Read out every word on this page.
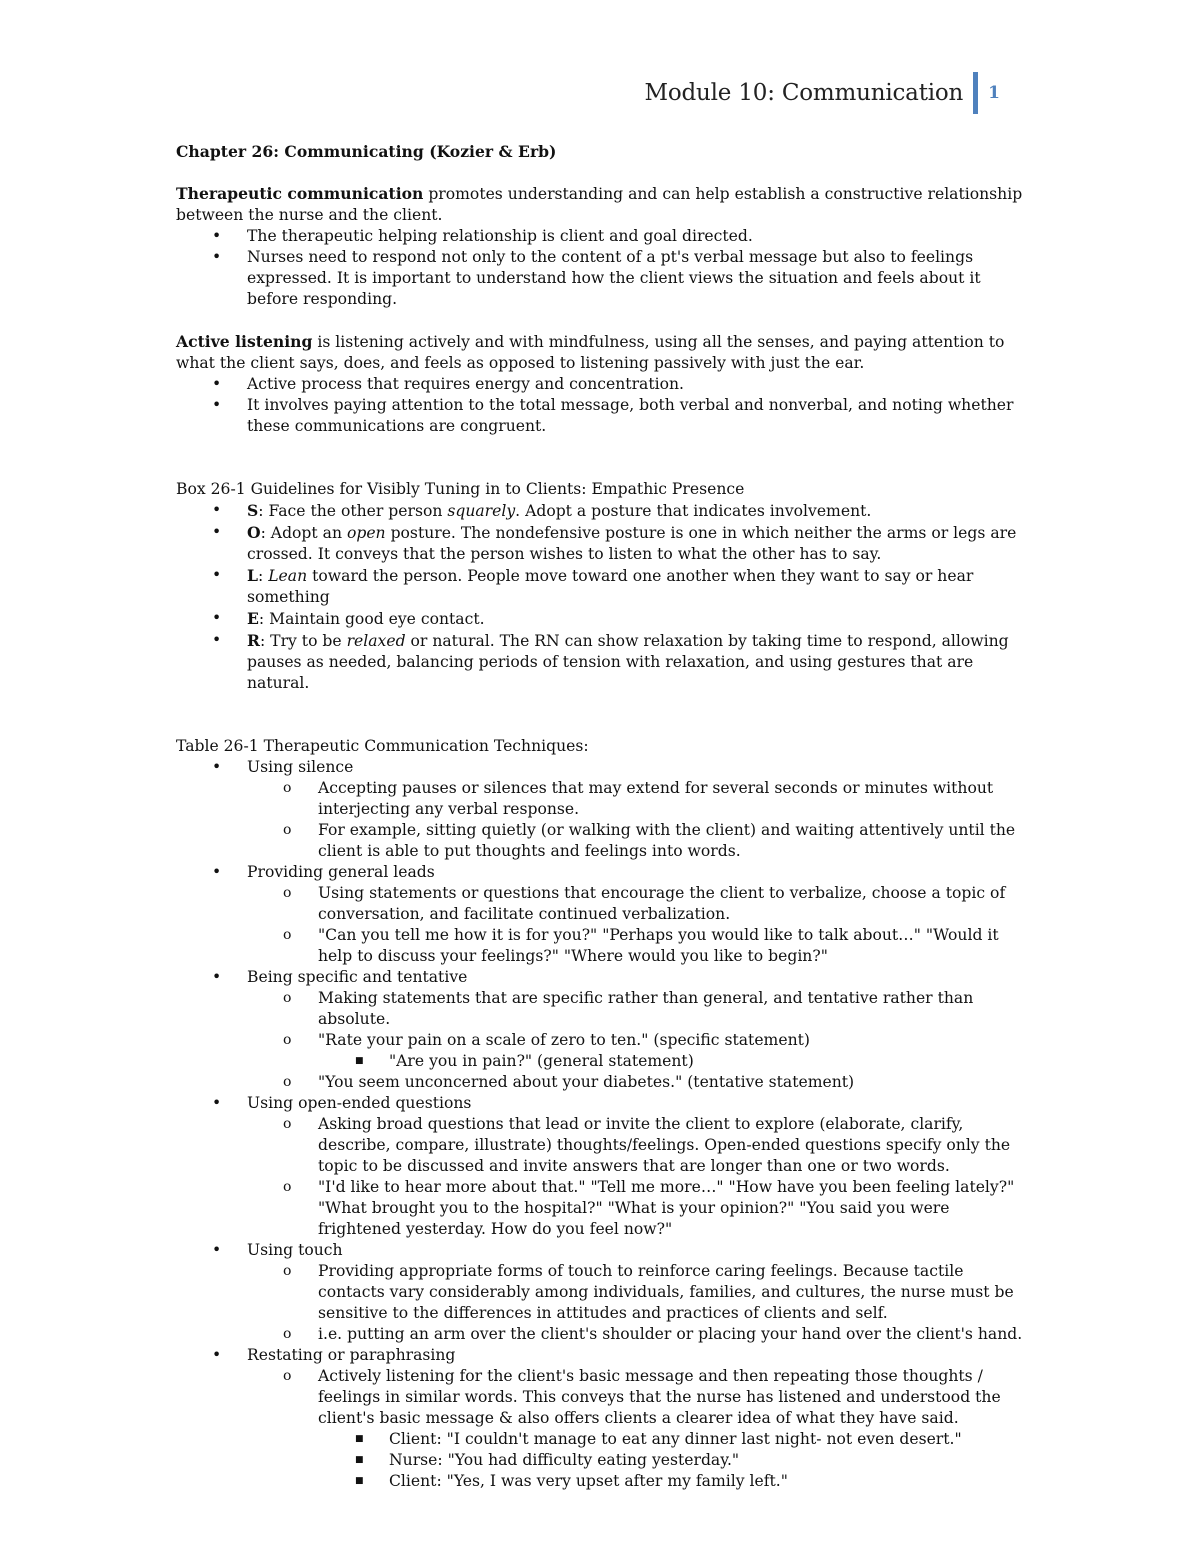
Module 10: Communication 1

Chapter 26: Communicating (Kozier & Erb)

Therapeutic communication promotes understanding and can help establish a constructive relationship between the nurse and the client.

• The therapeutic helping relationship is client and goal directed.
• Nurses need to respond not only to the content of a pt's verbal message but also to feelings expressed. It is important to understand how the client views the situation and feels about it before responding.

Active listening is listening actively and with mindfulness, using all the senses, and paying attention to what the client says, does, and feels as opposed to listening passively with just the ear.

• Active process that requires energy and concentration.
• It involves paying attention to the total message, both verbal and nonverbal, and noting whether these communications are congruent.

Box 26-1 Guidelines for Visibly Tuning in to Clients: Empathic Presence

• S: Face the other person squarely. Adopt a posture that indicates involvement.
• O: Adopt an open posture. The nondefensive posture is one in which neither the arms or legs are crossed. It conveys that the person wishes to listen to what the other has to say.
• L: Lean toward the person. People move toward one another when they want to say or hear something
• E: Maintain good eye contact.
• R: Try to be relaxed or natural. The RN can show relaxation by taking time to respond, allowing pauses as needed, balancing periods of tension with relaxation, and using gestures that are natural.

Table 26-1 Therapeutic Communication Techniques:

• Using silence
o Accepting pauses or silences that may extend for several seconds or minutes without interjecting any verbal response.
o For example, sitting quietly (or walking with the client) and waiting attentively until the client is able to put thoughts and feelings into words.
• Providing general leads
o Using statements or questions that encourage the client to verbalize, choose a topic of conversation, and facilitate continued verbalization.
o "Can you tell me how it is for you?" "Perhaps you would like to talk about…" "Would it help to discuss your feelings?" "Where would you like to begin?"
• Being specific and tentative
o Making statements that are specific rather than general, and tentative rather than absolute.
o "Rate your pain on a scale of zero to ten." (specific statement)
■ "Are you in pain?" (general statement)
o "You seem unconcerned about your diabetes." (tentative statement)
• Using open-ended questions
o Asking broad questions that lead or invite the client to explore (elaborate, clarify, describe, compare, illustrate) thoughts/feelings. Open-ended questions specify only the topic to be discussed and invite answers that are longer than one or two words.
o "I'd like to hear more about that." "Tell me more…" "How have you been feeling lately?" "What brought you to the hospital?" "What is your opinion?" "You said you were frightened yesterday. How do you feel now?"
• Using touch
o Providing appropriate forms of touch to reinforce caring feelings. Because tactile contacts vary considerably among individuals, families, and cultures, the nurse must be sensitive to the differences in attitudes and practices of clients and self.
o i.e. putting an arm over the client's shoulder or placing your hand over the client's hand.
• Restating or paraphrasing
o Actively listening for the client's basic message and then repeating those thoughts / feelings in similar words. This conveys that the nurse has listened and understood the client's basic message & also offers clients a clearer idea of what they have said.
■ Client: "I couldn't manage to eat any dinner last night- not even desert."
■ Nurse: "You had difficulty eating yesterday."
■ Client: "Yes, I was very upset after my family left."
